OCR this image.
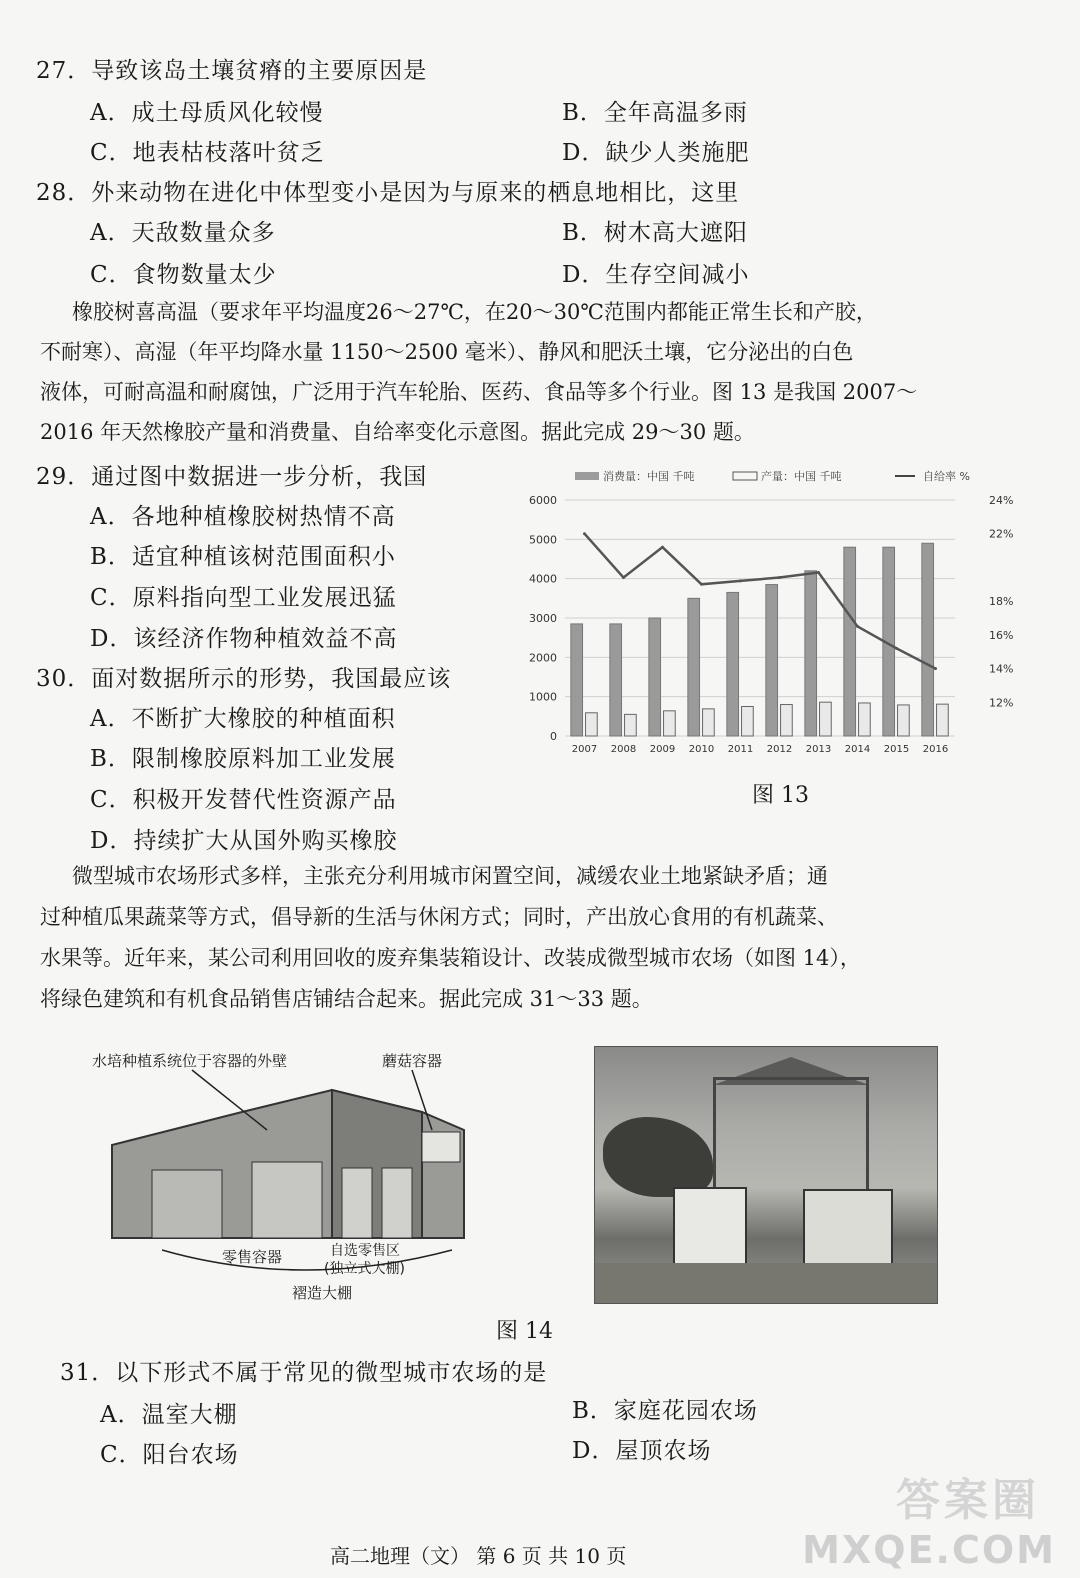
27．导致该岛土壤贫瘠的主要原因是
A．成土母质风化较慢	B．全年高温多雨
C．地表枯枝落叶贫乏	D．缺少人类施肥
28．外来动物在进化中体型变小是因为与原来的栖息地相比，这里
A．天敌数量众多	B．树木高大遮阳
C．食物数量太少	D．生存空间减小
橡胶树喜高温（要求年平均温度26～27℃，在20～30℃范围内都能正常生长和产胶，
不耐寒）、高湿（年平均降水量 1150～2500 毫米）、静风和肥沃土壤，它分泌出的白色
液体，可耐高温和耐腐蚀，广泛用于汽车轮胎、医药、食品等多个行业。图 13 是我国 2007～
2016 年天然橡胶产量和消费量、自给率变化示意图。据此完成 29～30 题。
29．通过图中数据进一步分析，我国
A．各地种植橡胶树热情不高
B．适宜种植该树范围面积小
C．原料指向型工业发展迅猛
D．该经济作物种植效益不高
30．面对数据所示的形势，我国最应该
A．不断扩大橡胶的种植面积
B．限制橡胶原料加工业发展
C．积极开发替代性资源产品
D．持续扩大从国外购买橡胶
消费量：中国 千吨	产量：中国 千吨	自给率 %
6000
5000
4000
3000
2000
1000
0
24%
22%
18%
16%
14%
12%
2007 2008 2009 2010 2011 2012 2013 2014 2015 2016
图 13
微型城市农场形式多样，主张充分利用城市闲置空间，减缓农业土地紧缺矛盾；通
过种植瓜果蔬菜等方式，倡导新的生活与休闲方式；同时，产出放心食用的有机蔬菜、
水果等。近年来，某公司利用回收的废弃集装箱设计、改装成微型城市农场（如图 14），
将绿色建筑和有机食品销售店铺结合起来。据此完成 31～33 题。
水培种植系统位于容器的外壁	蘑菇容器
零售容器	自选零售区
(独立式大棚)
褶造大棚
图 14
31．以下形式不属于常见的微型城市农场的是
A．温室大棚	B．家庭花园农场
C．阳台农场	D．屋顶农场
高二地理（文） 第 6 页 共 10 页
答案圈
MXQE.COM
